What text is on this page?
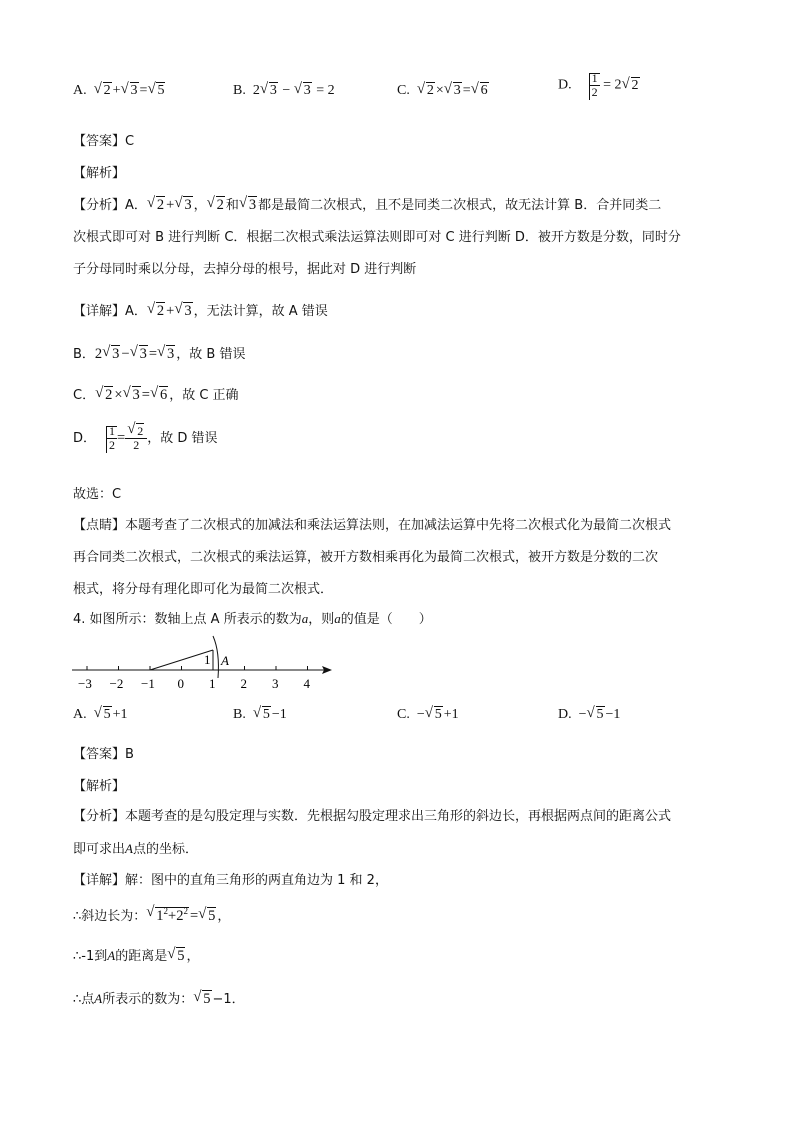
A.  √ 2 +√ 3 =√ 5	B. 2√ 3 − √ 3 = 2	C.  √ 2 ×√ 3 =√ 6	D. $\frac{1}{2} = 2√$ 2
【答案】C
【解析】
【分析】A．√ 2 +√ 3 ，√ 2 和√ 3 都是最简二次根式，且不是同类二次根式，故无法计算 B．合并同类二
次根式即可对 B 进行判断 C．根据二次根式乘法运算法则即可对 C 进行判断 D．被开方数是分数，同时分
子分母同时乘以分母，去掉分母的根号，据此对 D 进行判断
【详解】A．√ 2 +√ 3 ，无法计算，故 A 错误
B．2√ 3 −√ 3 =√ 3 ，故 B 错误
C．√ 2 ×√ 3 =√ 6 ，故 C 正确
D． $\frac{1}{2}$ =
√ $\frac{2}{2}$ ，故 D 错误
故选：C
【点睛】本题考查了二次根式的加减法和乘法运算法则，在加减法运算中先将二次根式化为最简二次根式
再合同类二次根式，二次根式的乘法运算，被开方数相乘再化为最简二次根式，被开方数是分数的二次
根式，将分母有理化即可化为最简二次根式．
4. 如图所示：数轴上点 A 所表示的数为a，则a的值是（　　）
−3 −2 −1 0 1 2 3 4
1 A
A.  √ 5 +1	B.  √ 5 −1	C. −√ 5 +1	D. −√ 5 −1
【答案】B
【解析】
【分析】本题考查的是勾股定理与实数．先根据勾股定理求出三角形的斜边长，再根据两点间的距离公式
即可求出A点的坐标．
【详解】解：图中的直角三角形的两直角边为 1 和 2，
∴斜边长为：√ $1^2+2^2$ =√ 5 ，
∴-1到A的距离是√ 5 ，
∴点A所表示的数为：√ 5 −1．
